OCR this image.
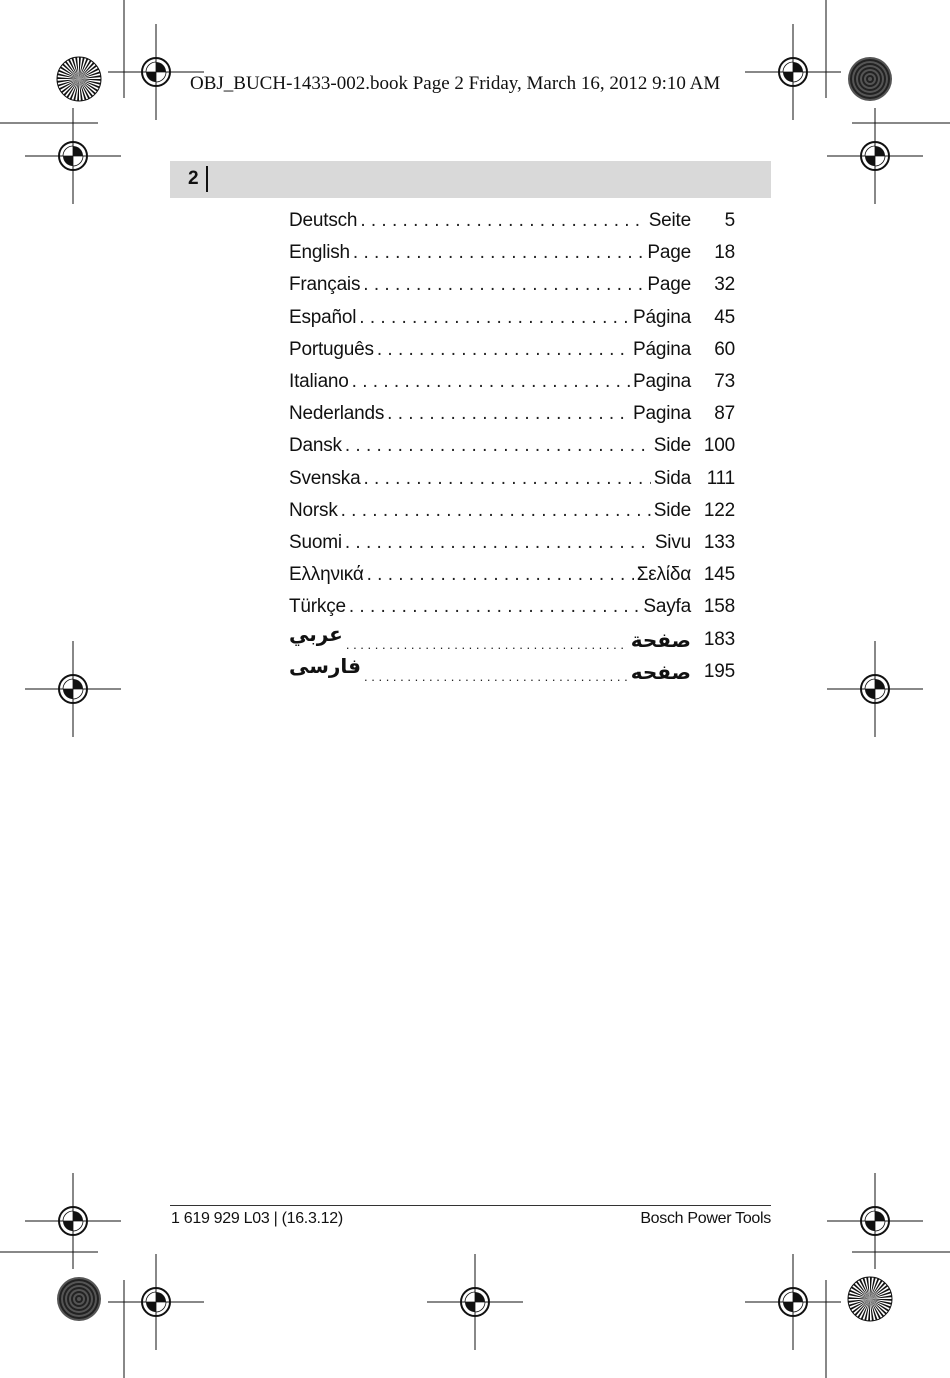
OBJ_BUCH-1433-002.book Page 2 Friday, March 16, 2012 9:10 AM
2
Deutsch . . .	Seite	5
English . . .	Page	18
Français . . .	Page	32
Español . . .	Página	45
Português . . .	Página	60
Italiano . . .	Pagina	73
Nederlands . . .	Pagina	87
Dansk . . .	Side 100
Svenska . . .	Sida 111
Norsk . . .	Side 122
Suomi . . .	Sivu 133
Ελληνικά . . .	Σελίδα 145
Türkçe . . .	Sayfa 158
عربي . . .	صفحة 183
فارسی . . .	صفحه 195
1 619 929 L03 | (16.3.12)	Bosch Power Tools
